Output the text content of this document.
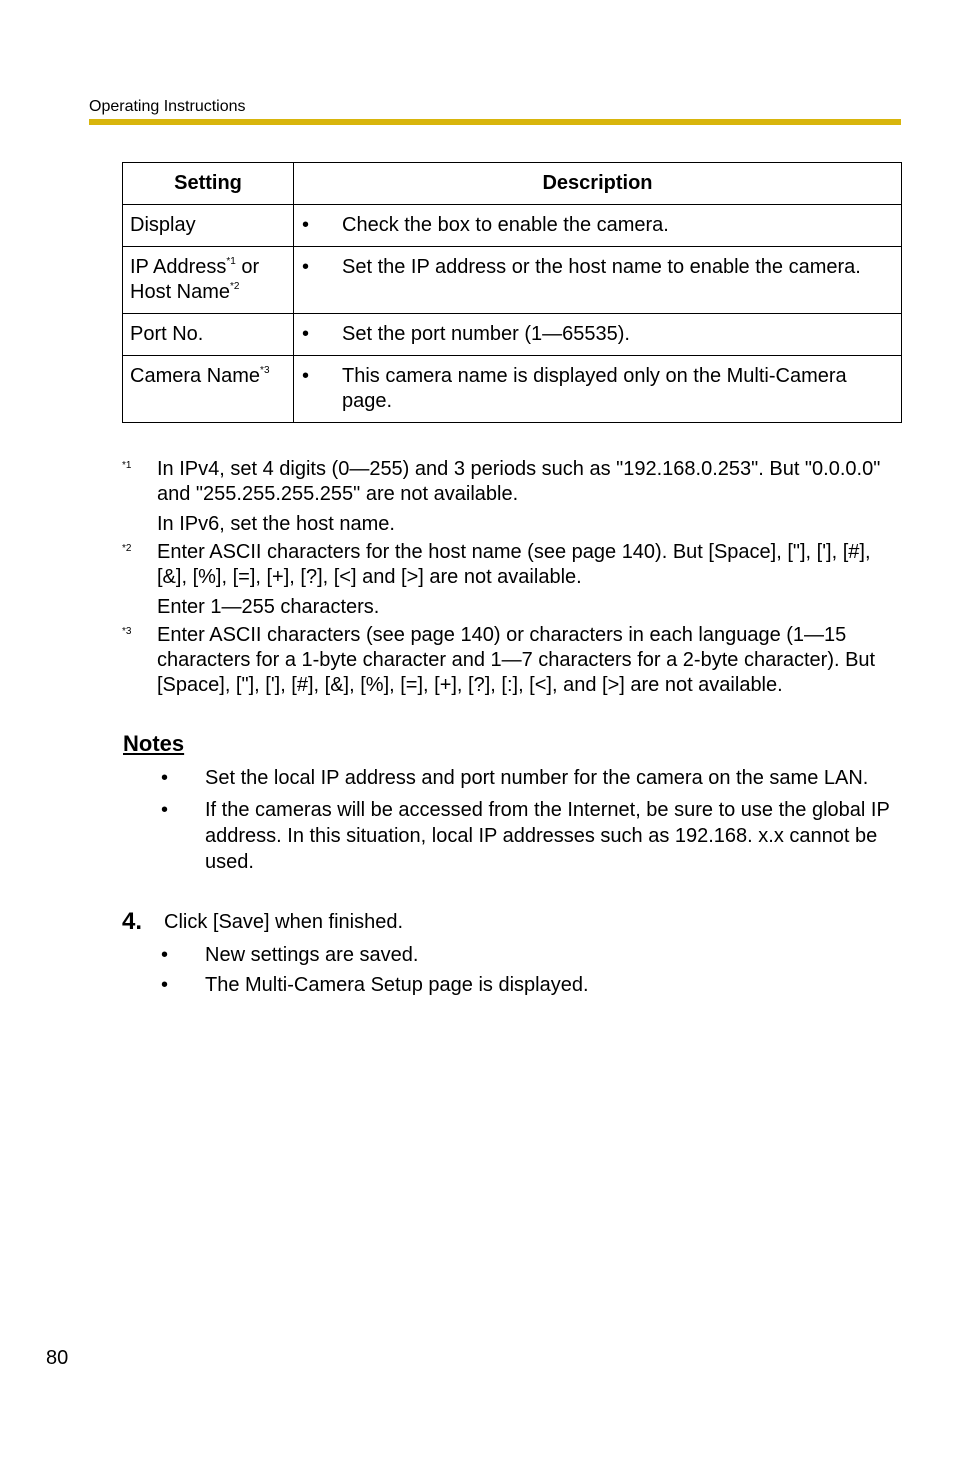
Operating Instructions
Setting	Description
Display	• Check the box to enable the camera.

IP Address$^{*1}$ or
Host Name$^{*2}$	• Set the IP address or the host name to enable the camera.

Port No.	• Set the port number (1—65535).

Camera Name$^{*3}$	• This camera name is displayed only on the Multi-Camera page.
*1	In IPv4, set 4 digits (0—255) and 3 periods such as "192.168.0.253". But "0.0.0.0" and "255.255.255.255" are not available.

In IPv6, set the host name.

*2	Enter ASCII characters for the host name (see page 140). But [Space], ["], ['], [#], [&], [%], [=], [+], [?], [<] and [>] are not available.

Enter 1—255 characters.

*3	Enter ASCII characters (see page 140) or characters in each language (1—15 characters for a 1-byte character and 1—7 characters for a 2-byte character). But [Space], ["], ['], [#], [&], [%], [=], [+], [?], [:], [<], and [>] are not available.

Notes
•	Set the local IP address and port number for the camera on the same LAN.
•	If the cameras will be accessed from the Internet, be sure to use the global IP address. In this situation, local IP addresses such as 192.168. x.x cannot be used.
4.	Click [Save] when finished.
•	New settings are saved.
•	The Multi-Camera Setup page is displayed.
80
